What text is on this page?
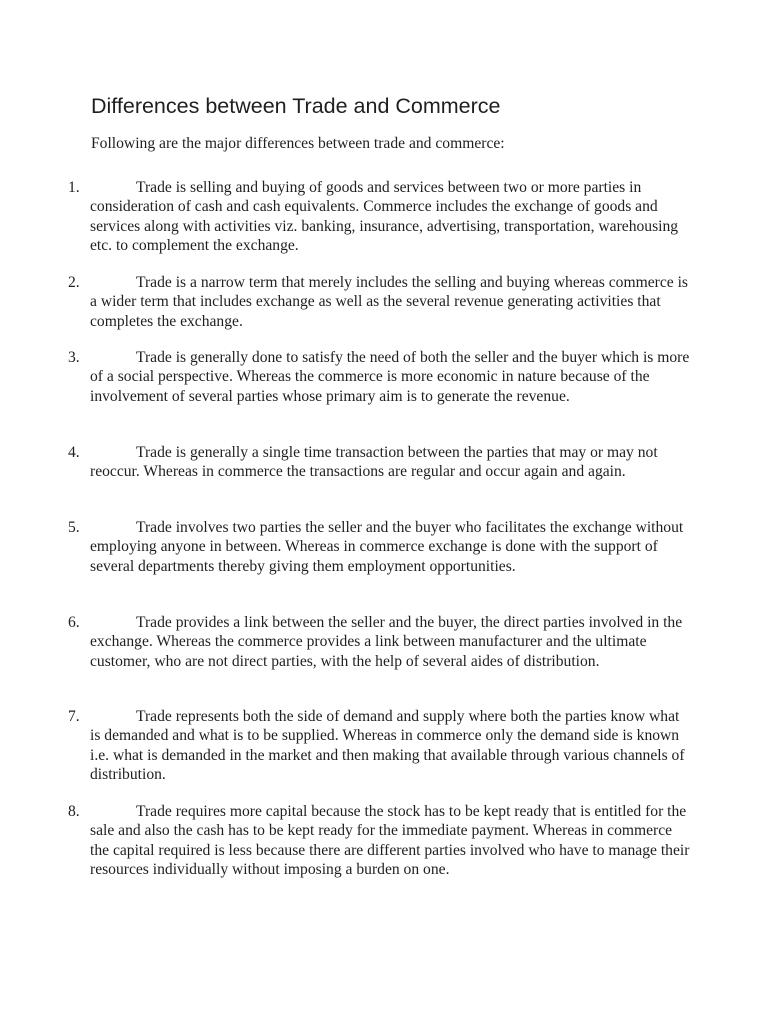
Differences between Trade and Commerce

Following are the major differences between trade and commerce:

1.	Trade is selling and buying of goods and services between two or more parties in consideration of cash and cash equivalents. Commerce includes the exchange of goods and services along with activities viz. banking, insurance, advertising, transportation, warehousing etc. to complement the exchange.

2.	Trade is a narrow term that merely includes the selling and buying whereas commerce is a wider term that includes exchange as well as the several revenue generating activities that completes the exchange.

3.	Trade is generally done to satisfy the need of both the seller and the buyer which is more of a social perspective. Whereas the commerce is more economic in nature because of the involvement of several parties whose primary aim is to generate the revenue.

4.	Trade is generally a single time transaction between the parties that may or may not reoccur. Whereas in commerce the transactions are regular and occur again and again.

5.	Trade involves two parties the seller and the buyer who facilitates the exchange without employing anyone in between. Whereas in commerce exchange is done with the support of several departments thereby giving them employment opportunities.

6.	Trade provides a link between the seller and the buyer, the direct parties involved in the exchange. Whereas the commerce provides a link between manufacturer and the ultimate customer, who are not direct parties, with the help of several aides of distribution.

7.	Trade represents both the side of demand and supply where both the parties know what is demanded and what is to be supplied. Whereas in commerce only the demand side is known i.e. what is demanded in the market and then making that available through various channels of distribution.

8.	Trade requires more capital because the stock has to be kept ready that is entitled for the sale and also the cash has to be kept ready for the immediate payment. Whereas in commerce the capital required is less because there are different parties involved who have to manage their resources individually without imposing a burden on one.
